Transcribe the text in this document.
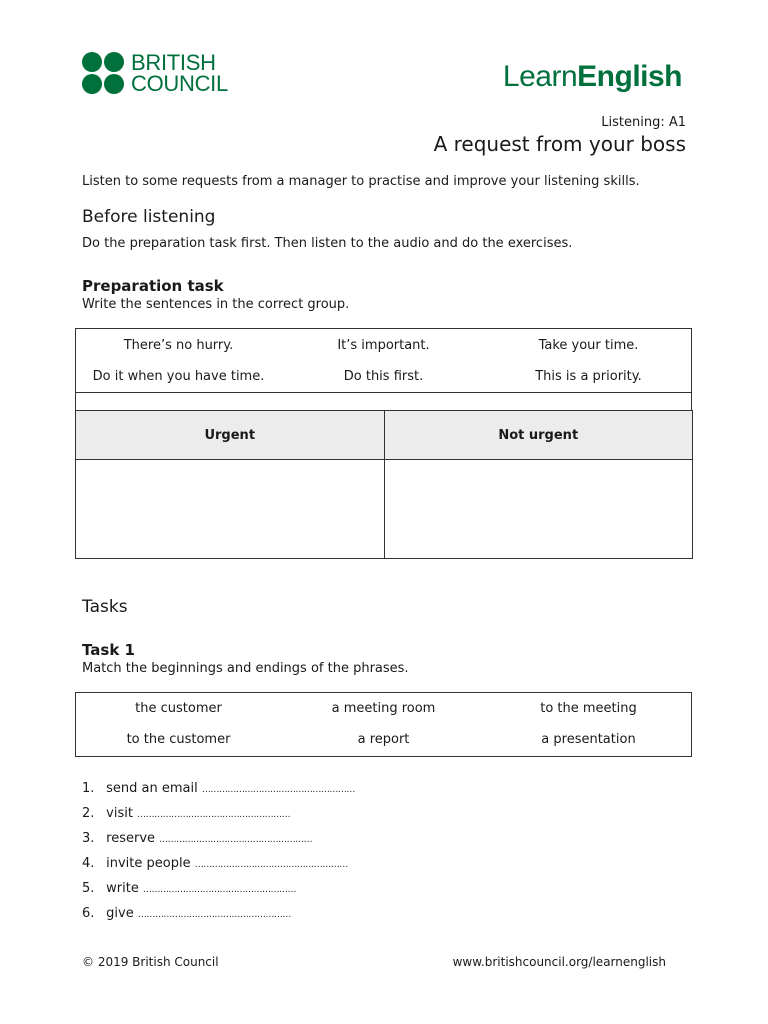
BRITISH
COUNCIL	LearnEnglish
Listening: A1
A request from your boss
Listen to some requests from a manager to practise and improve your listening skills.
Before listening
Do the preparation task first. Then listen to the audio and do the exercises.
Preparation task
Write the sentences in the correct group.
There’s no hurry.	It’s important.	Take your time.
Do it when you have time.	Do this first.	This is a priority.
Urgent	Not urgent

Tasks
Task 1
Match the beginnings and endings of the phrases.
the customer	a meeting room	to the meeting
to the customer	a report	a presentation
1. send an email ………………………………………………
2. visit ………………………………………………
3. reserve ………………………………………………
4. invite people ………………………………………………
5. write ………………………………………………
6. give ………………………………………………
© 2019 British Council	www.britishcouncil.org/learnenglish
